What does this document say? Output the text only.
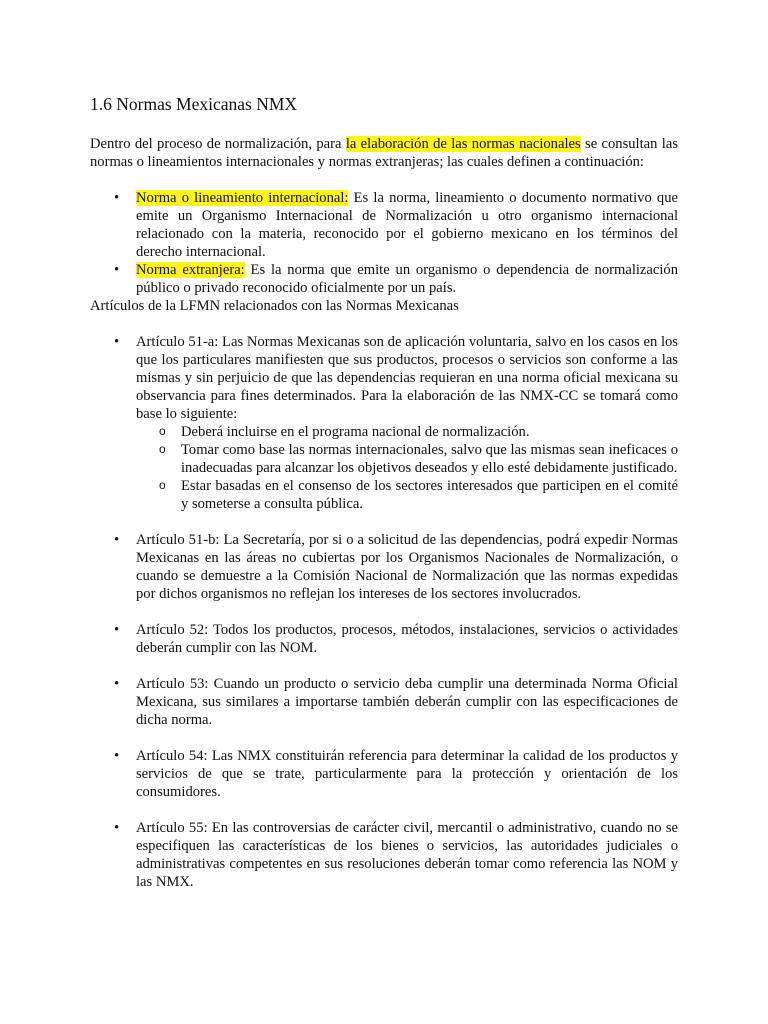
1.6 Normas Mexicanas NMX

Dentro del proceso de normalización, para la elaboración de las normas nacionales se consultan las normas o lineamientos internacionales y normas extranjeras; las cuales definen a continuación:

• Norma o lineamiento internacional: Es la norma, lineamiento o documento normativo que emite un Organismo Internacional de Normalización u otro organismo internacional relacionado con la materia, reconocido por el gobierno mexicano en los términos del derecho internacional.
• Norma extranjera: Es la norma que emite un organismo o dependencia de normalización público o privado reconocido oficialmente por un país.

Artículos de la LFMN relacionados con las Normas Mexicanas

• Artículo 51-a: Las Normas Mexicanas son de aplicación voluntaria, salvo en los casos en los que los particulares manifiesten que sus productos, procesos o servicios son conforme a las mismas y sin perjuicio de que las dependencias requieran en una norma oficial mexicana su observancia para fines determinados. Para la elaboración de las NMX-CC se tomará como base lo siguiente:
o Deberá incluirse en el programa nacional de normalización.
o Tomar como base las normas internacionales, salvo que las mismas sean ineficaces o inadecuadas para alcanzar los objetivos deseados y ello esté debidamente justificado.
o Estar basadas en el consenso de los sectores interesados que participen en el comité y someterse a consulta pública.
• Artículo 51-b: La Secretaría, por si o a solicitud de las dependencias, podrá expedir Normas Mexicanas en las áreas no cubiertas por los Organismos Nacionales de Normalización, o cuando se demuestre a la Comisión Nacional de Normalización que las normas expedidas por dichos organismos no reflejan los intereses de los sectores involucrados.
• Artículo 52: Todos los productos, procesos, métodos, instalaciones, servicios o actividades deberán cumplir con las NOM.
• Artículo 53: Cuando un producto o servicio deba cumplir una determinada Norma Oficial Mexicana, sus similares a importarse también deberán cumplir con las especificaciones de dicha norma.
• Artículo 54: Las NMX constituirán referencia para determinar la calidad de los productos y servicios de que se trate, particularmente para la protección y orientación de los consumidores.
• Artículo 55: En las controversias de carácter civil, mercantil o administrativo, cuando no se especifiquen las características de los bienes o servicios, las autoridades judiciales o administrativas competentes en sus resoluciones deberán tomar como referencia las NOM y las NMX.
